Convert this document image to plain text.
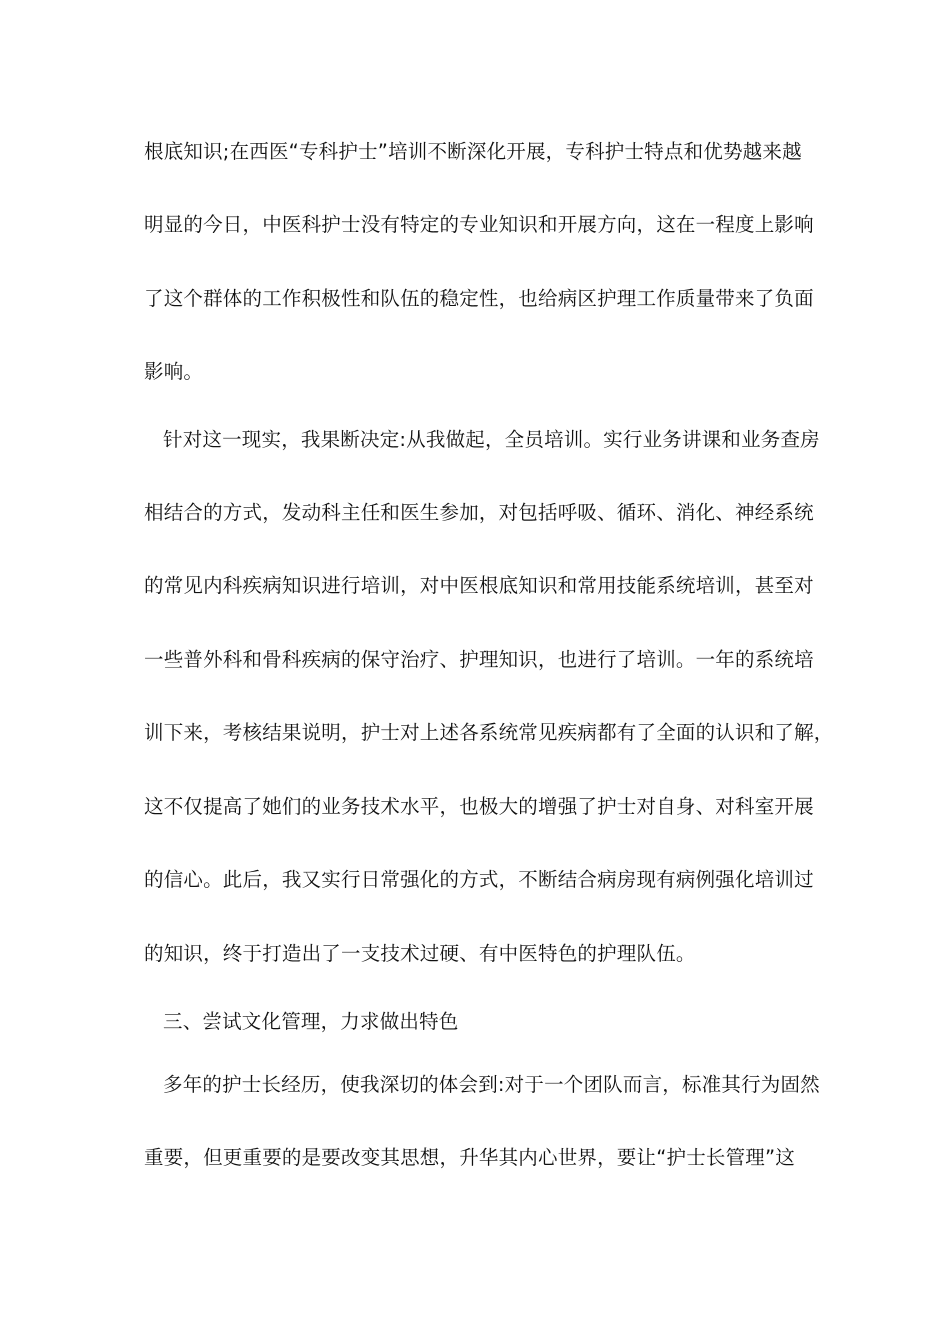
根底知识;在西医“专科护士”培训不断深化开展，专科护士特点和优势越来越
明显的今日，中医科护士没有特定的专业知识和开展方向，这在一程度上影响
了这个群体的工作积极性和队伍的稳定性，也给病区护理工作质量带来了负面
影响。
针对这一现实，我果断决定:从我做起，全员培训。实行业务讲课和业务查房
相结合的方式，发动科主任和医生参加，对包括呼吸、循环、消化、神经系统
的常见内科疾病知识进行培训，对中医根底知识和常用技能系统培训，甚至对
一些普外科和骨科疾病的保守治疗、护理知识，也进行了培训。一年的系统培
训下来，考核结果说明，护士对上述各系统常见疾病都有了全面的认识和了解，
这不仅提高了她们的业务技术水平，也极大的增强了护士对自身、对科室开展
的信心。此后，我又实行日常强化的方式，不断结合病房现有病例强化培训过
的知识，终于打造出了一支技术过硬、有中医特色的护理队伍。
三、尝试文化管理，力求做出特色
多年的护士长经历，使我深切的体会到:对于一个团队而言，标准其行为固然
重要，但更重要的是要改变其思想，升华其内心世界，要让“护士长管理”这
